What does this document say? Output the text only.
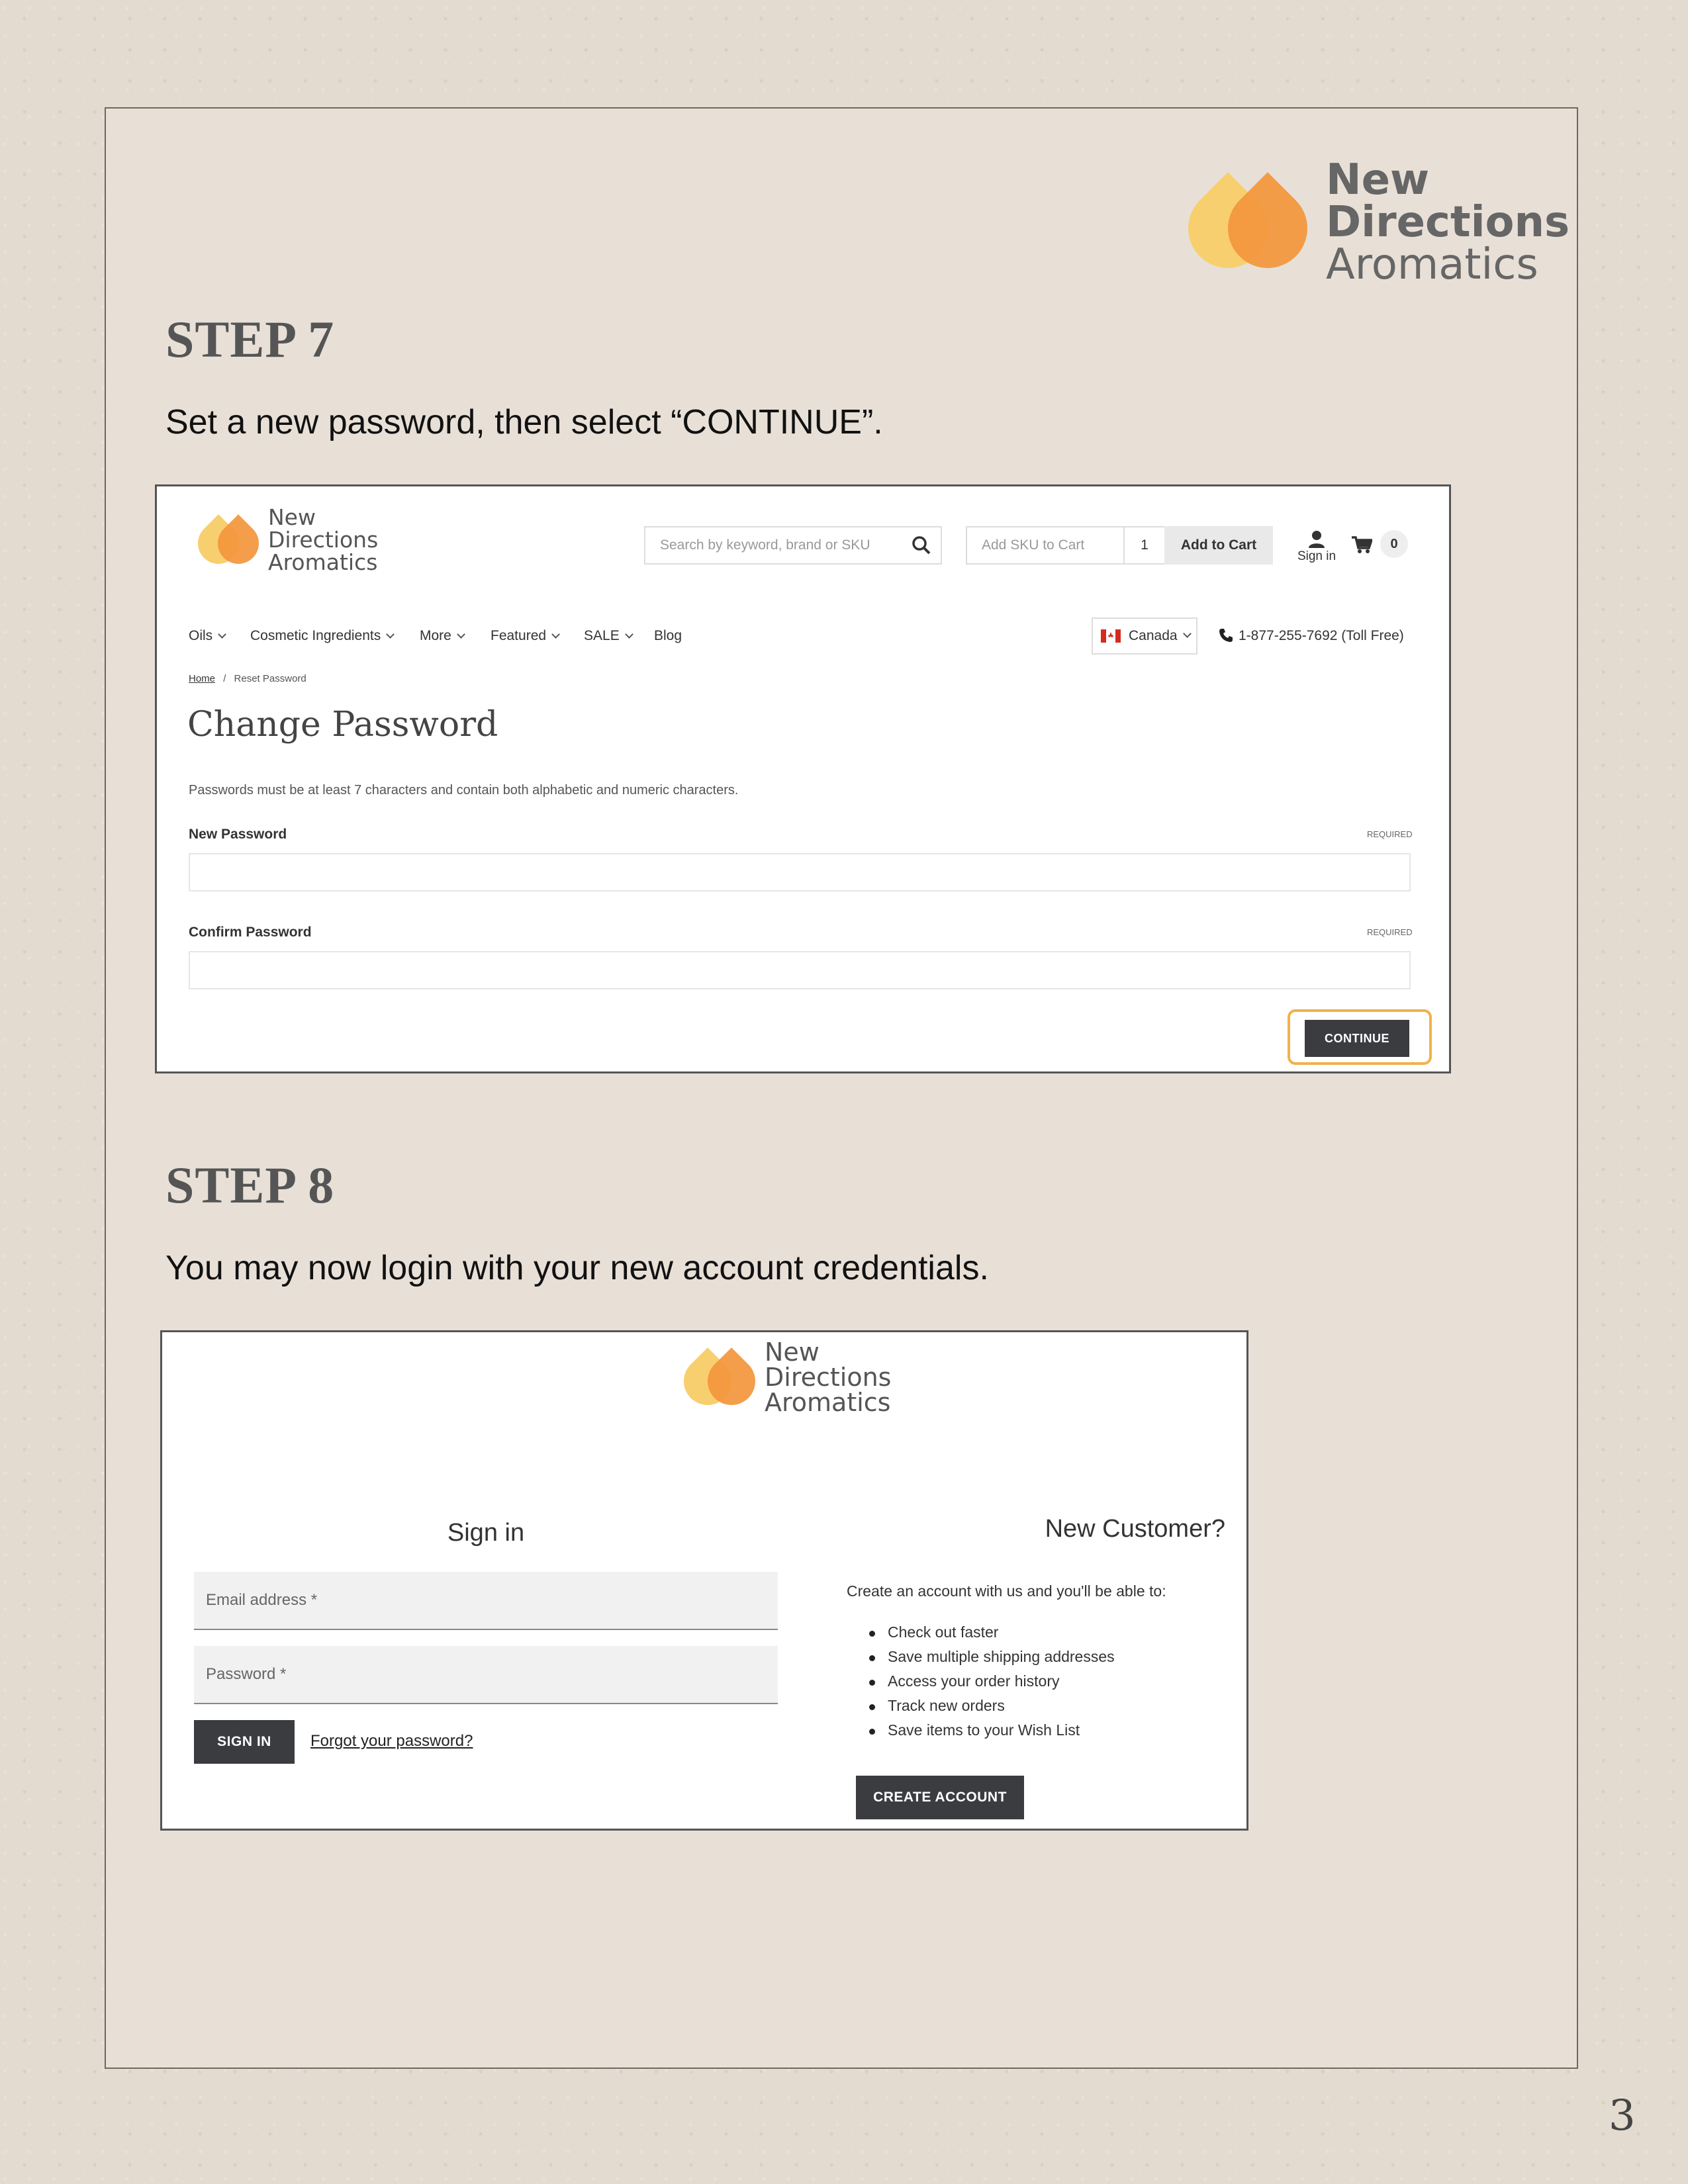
New
Directions
Aromatics
STEP 7
Set a new password, then select “CONTINUE”.
New
Directions
Aromatics
Search by keyword, brand or SKU	Add SKU to Cart	1 Add to Cart
Sign in
0
Oils	Cosmetic Ingredients	More	Featured	SALE	Blog	Canada	1-877-255-7692 (Toll Free)
Home / Reset Password
Change Password
Passwords must be at least 7 characters and contain both alphabetic and numeric characters.
New Password	REQUIRED
Confirm Password	REQUIRED
CONTINUE
STEP 8
You may now login with your new account credentials.
New
Directions
Aromatics
Sign in
Email address *
Password *
SIGN IN	Forgot your password?
New Customer?
Create an account with us and you'll be able to:
Check out faster
Save multiple shipping addresses
Access your order history
Track new orders
Save items to your Wish List
CREATE ACCOUNT
3
